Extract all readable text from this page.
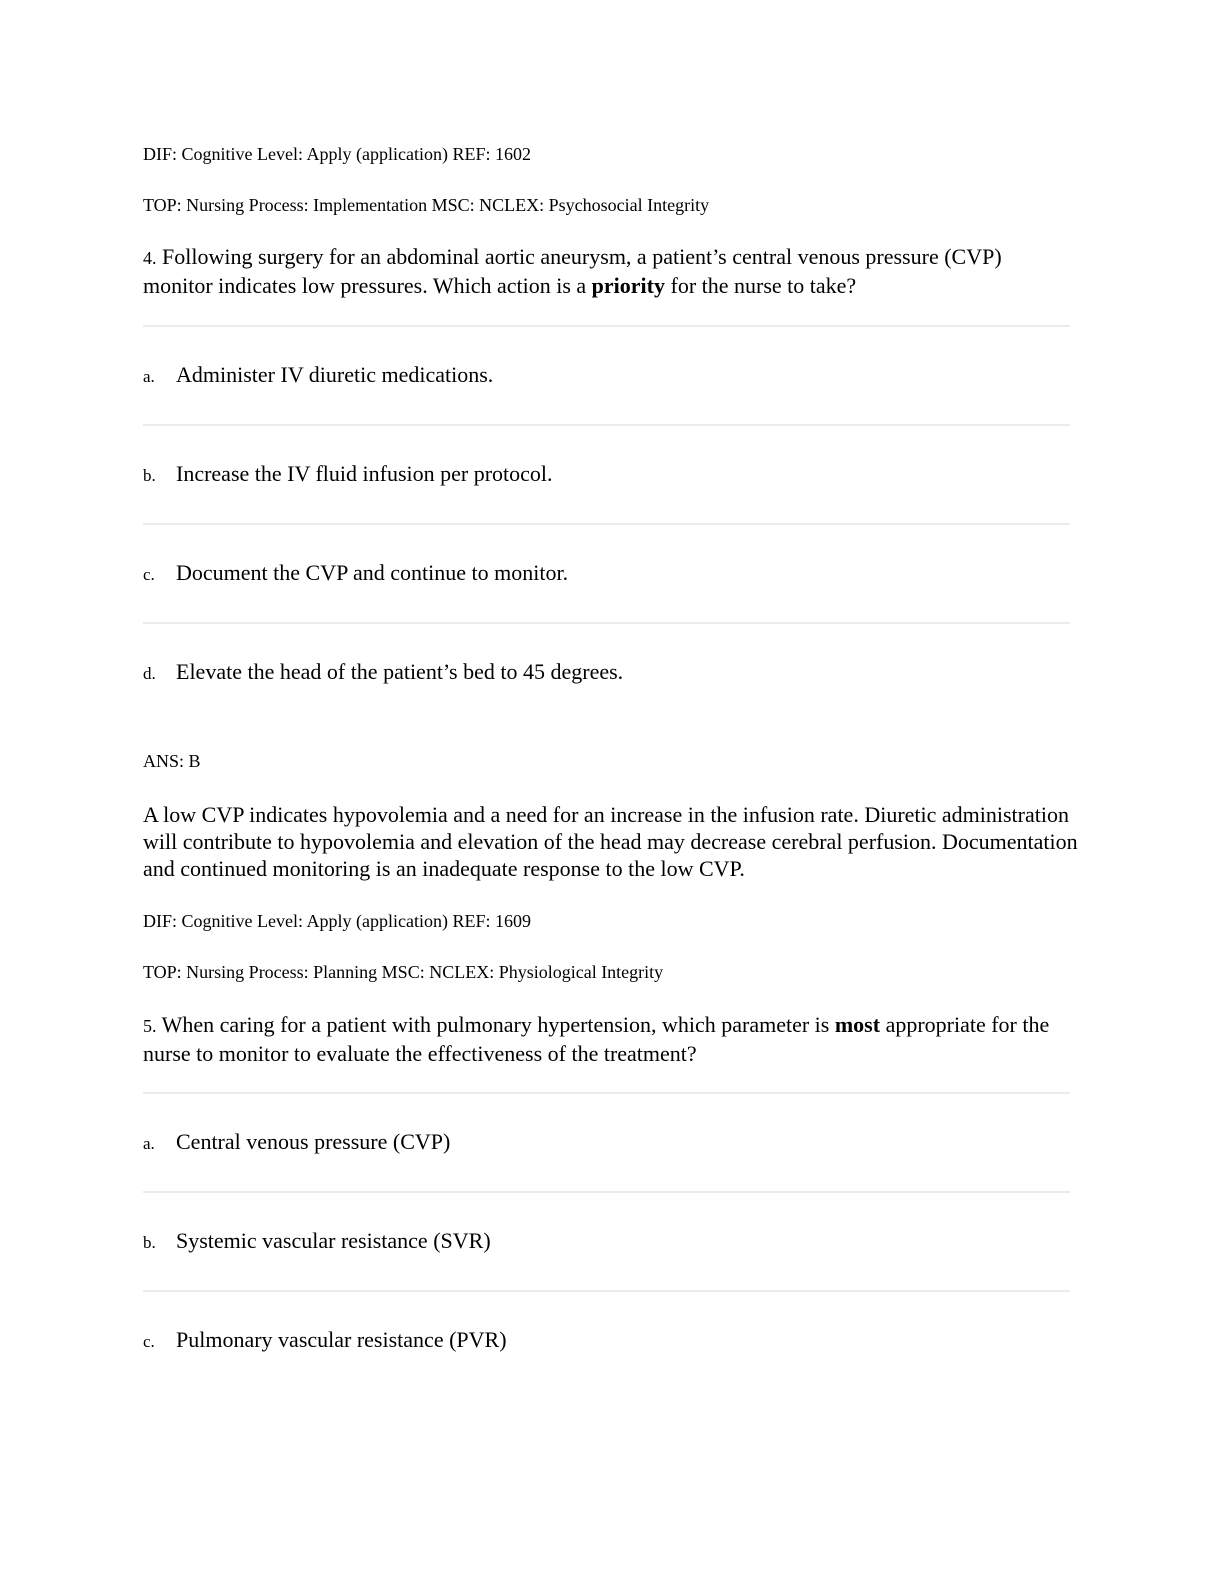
DIF: Cognitive Level: Apply (application) REF: 1602
TOP: Nursing Process: Implementation MSC: NCLEX: Psychosocial Integrity
4. Following surgery for an abdominal aortic aneurysm, a patient’s central venous pressure (CVP) monitor indicates low pressures. Which action is a priority for the nurse to take?
a. Administer IV diuretic medications.
b. Increase the IV fluid infusion per protocol.
c. Document the CVP and continue to monitor.
d. Elevate the head of the patient’s bed to 45 degrees.
ANS: B
A low CVP indicates hypovolemia and a need for an increase in the infusion rate. Diuretic administration will contribute to hypovolemia and elevation of the head may decrease cerebral perfusion. Documentation and continued monitoring is an inadequate response to the low CVP.
DIF: Cognitive Level: Apply (application) REF: 1609
TOP: Nursing Process: Planning MSC: NCLEX: Physiological Integrity
5. When caring for a patient with pulmonary hypertension, which parameter is most appropriate for the nurse to monitor to evaluate the effectiveness of the treatment?
a. Central venous pressure (CVP)
b. Systemic vascular resistance (SVR)
c. Pulmonary vascular resistance (PVR)
